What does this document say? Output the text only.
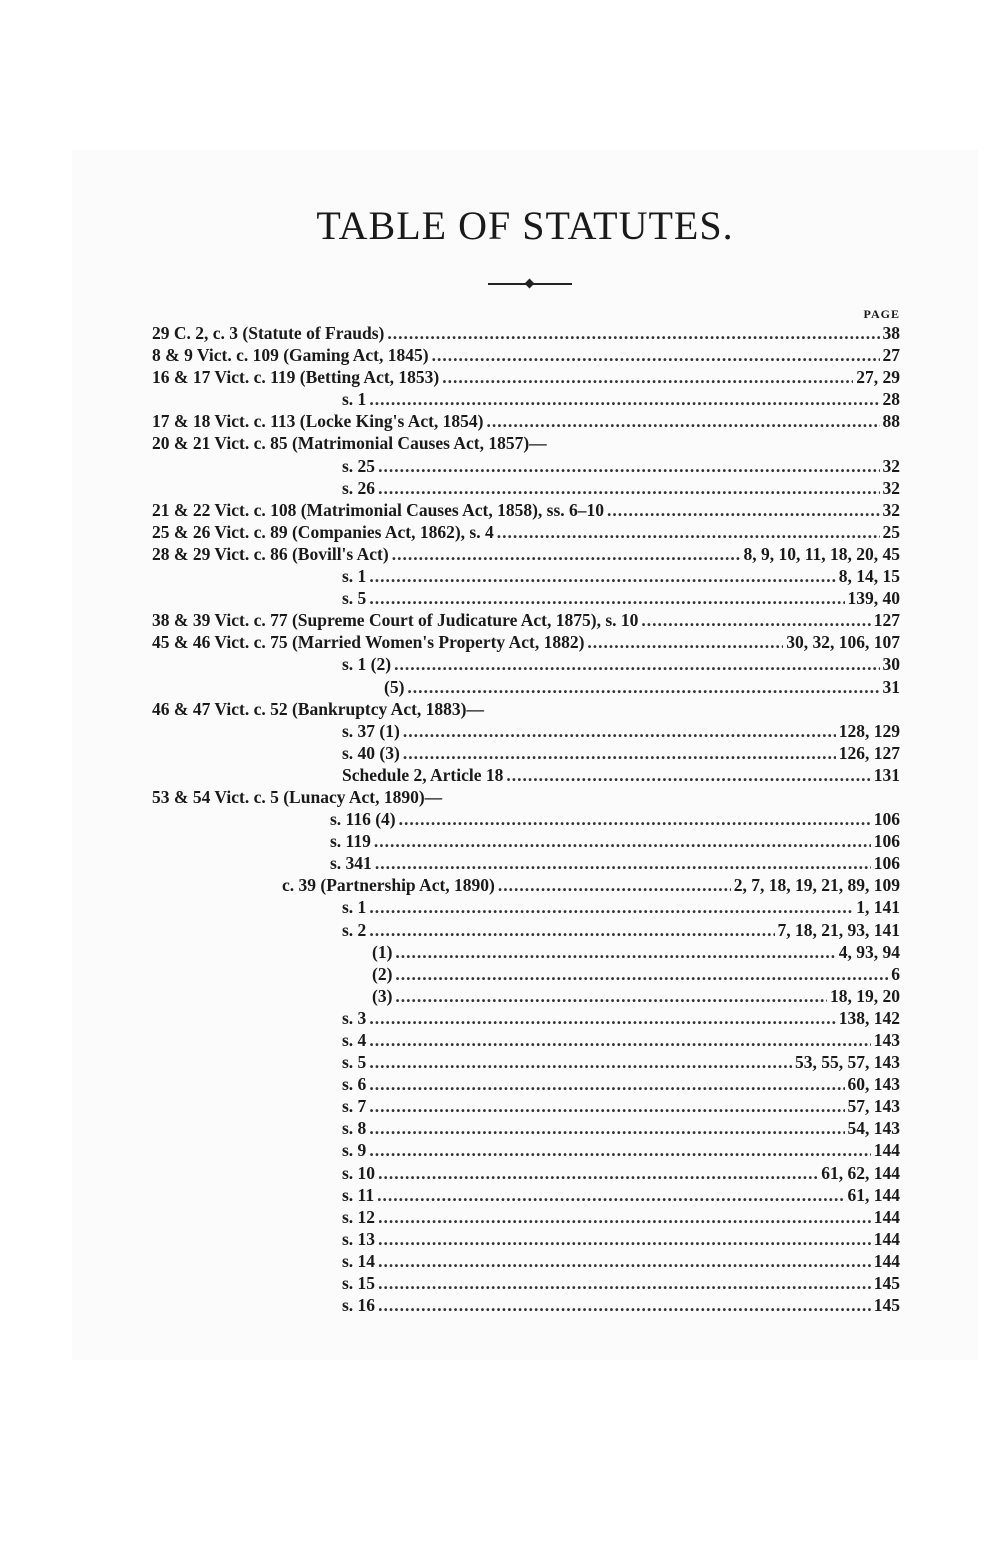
TABLE OF STATUTES.
PAGE
29 C. 2, c. 3 (Statute of Frauds) .....	38
8 & 9 Vict. c. 109 (Gaming Act, 1845) .....	27
16 & 17 Vict. c. 119 (Betting Act, 1853) .....	27, 29
s. 1 .....	28
17 & 18 Vict. c. 113 (Locke King's Act, 1854) .....	88
20 & 21 Vict. c. 85 (Matrimonial Causes Act, 1857)—
s. 25 .....	32
s. 26 .....	32
21 & 22 Vict. c. 108 (Matrimonial Causes Act, 1858), ss. 6–10 .....	32
25 & 26 Vict. c. 89 (Companies Act, 1862), s. 4 .....	25
28 & 29 Vict. c. 86 (Bovill's Act) .....	8, 9, 10, 11, 18, 20, 45
s. 1 .....	8, 14, 15
s. 5 .....	139, 40
38 & 39 Vict. c. 77 (Supreme Court of Judicature Act, 1875), s. 10 .....	127
45 & 46 Vict. c. 75 (Married Women's Property Act, 1882) .....	30, 32, 106, 107
s. 1 (2) .....	30
(5) .....	31
46 & 47 Vict. c. 52 (Bankruptcy Act, 1883)—
s. 37 (1) .....	128, 129
s. 40 (3) .....	126, 127
Schedule 2, Article 18 .....	131
53 & 54 Vict. c. 5 (Lunacy Act, 1890)—
s. 116 (4) .....	106
s. 119 .....	106
s. 341 .....	106
c. 39 (Partnership Act, 1890) .....	2, 7, 18, 19, 21, 89, 109
s. 1 .....	1, 141
s. 2 .....	7, 18, 21, 93, 141
(1) .....	4, 93, 94
(2) .....	6
(3) .....	18, 19, 20
s. 3 .....	138, 142
s. 4 .....	143
s. 5 .....	53, 55, 57, 143
s. 6 .....	60, 143
s. 7 .....	57, 143
s. 8 .....	54, 143
s. 9 .....	144
s. 10 .....	61, 62, 144
s. 11 .....	61, 144
s. 12 .....	144
s. 13 .....	144
s. 14 .....	144
s. 15 .....	145
s. 16 .....	145
